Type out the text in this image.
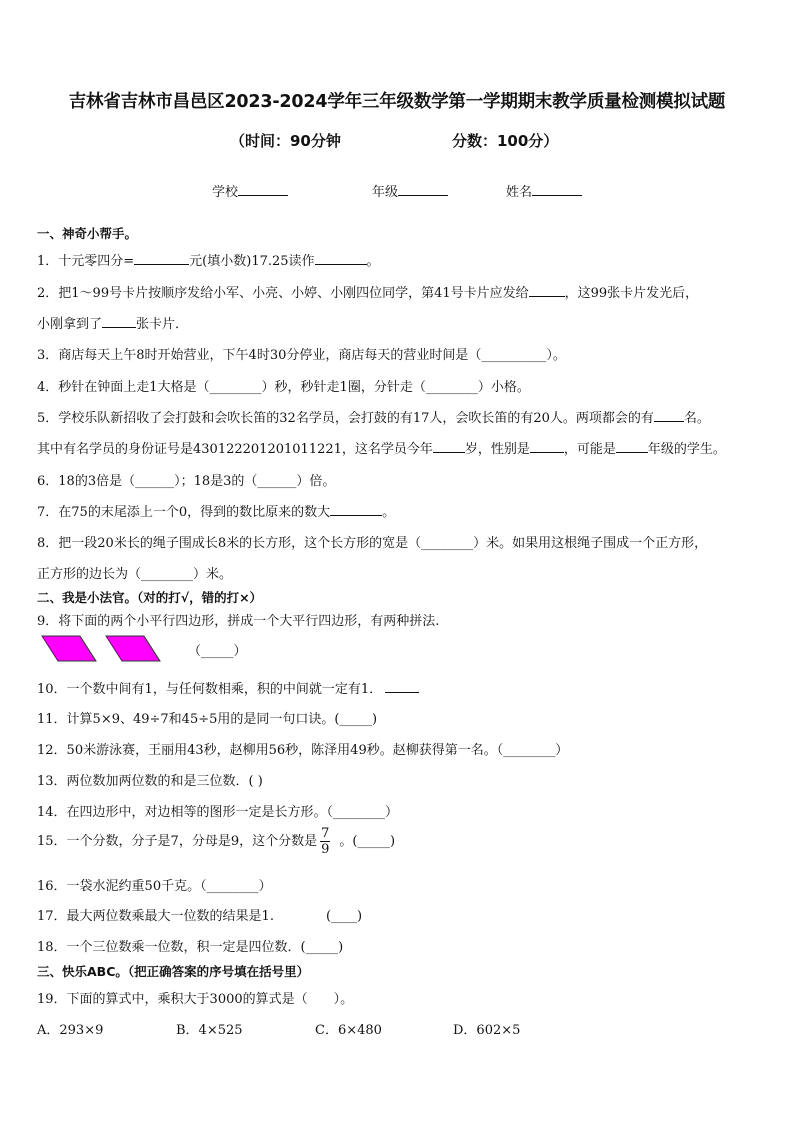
吉林省吉林市昌邑区2023-2024学年三年级数学第一学期期末教学质量检测模拟试题
（时间：90分钟	分数：100分）
学校	年级	姓名
一、神奇小帮手。
1．十元零四分=	元(填小数)17.25读作	。
2．把1～99号卡片按顺序发给小军、小亮、小婷、小刚四位同学，第41号卡片应发给	，这99张卡片发光后，
小刚拿到了	张卡片．
3．商店每天上午8时开始营业，下午4时30分停业，商店每天的营业时间是（__________）。
4．秒针在钟面上走1大格是（________）秒，秒针走1圈，分针走（________）小格。
5．学校乐队新招收了会打鼓和会吹长笛的32名学员，会打鼓的有17人，会吹长笛的有20人。两项都会的有 名。
其中有名学员的身份证号是430122201201011221，这名学员今年 岁，性别是	，可能是 年级的学生。
6．18的3倍是（______）；18是3的（______）倍。
7．在75的末尾添上一个0，得到的数比原来的数大	。
8．把一段20米长的绳子围成长8米的长方形，这个长方形的宽是（________）米。如果用这根绳子围成一个正方形，
正方形的边长为（________）米。
二、我是小法官。（对的打√，错的打×）
9．将下面的两个小平行四边形，拼成一个大平行四边形，有两种拼法.
（_____）
10．一个数中间有1，与任何数相乘，积的中间就一定有1．
11．计算5×9、49÷7和45÷5用的是同一句口诀。(_____)
12．50米游泳赛，王丽用43秒，赵柳用56秒，陈泽用49秒。赵柳获得第一名。（________）
13．两位数加两位数的和是三位数．( )
14．在四边形中，对边相等的图形一定是长方形。（________）
15．一个分数，分子是7，分母是9，这个分数是 $\frac{7}{9}$ 。(_____)
16．一袋水泥约重50千克。（________）
17．最大两位数乘最大一位数的结果是1.	(____)
18．一个三位数乘一位数，积一定是四位数．(_____)
三、快乐ABC。（把正确答案的序号填在括号里）
19．下面的算式中，乘积大于3000的算式是（　　）。
A．293×9	B．4×525	C．6×480	D．602×5
